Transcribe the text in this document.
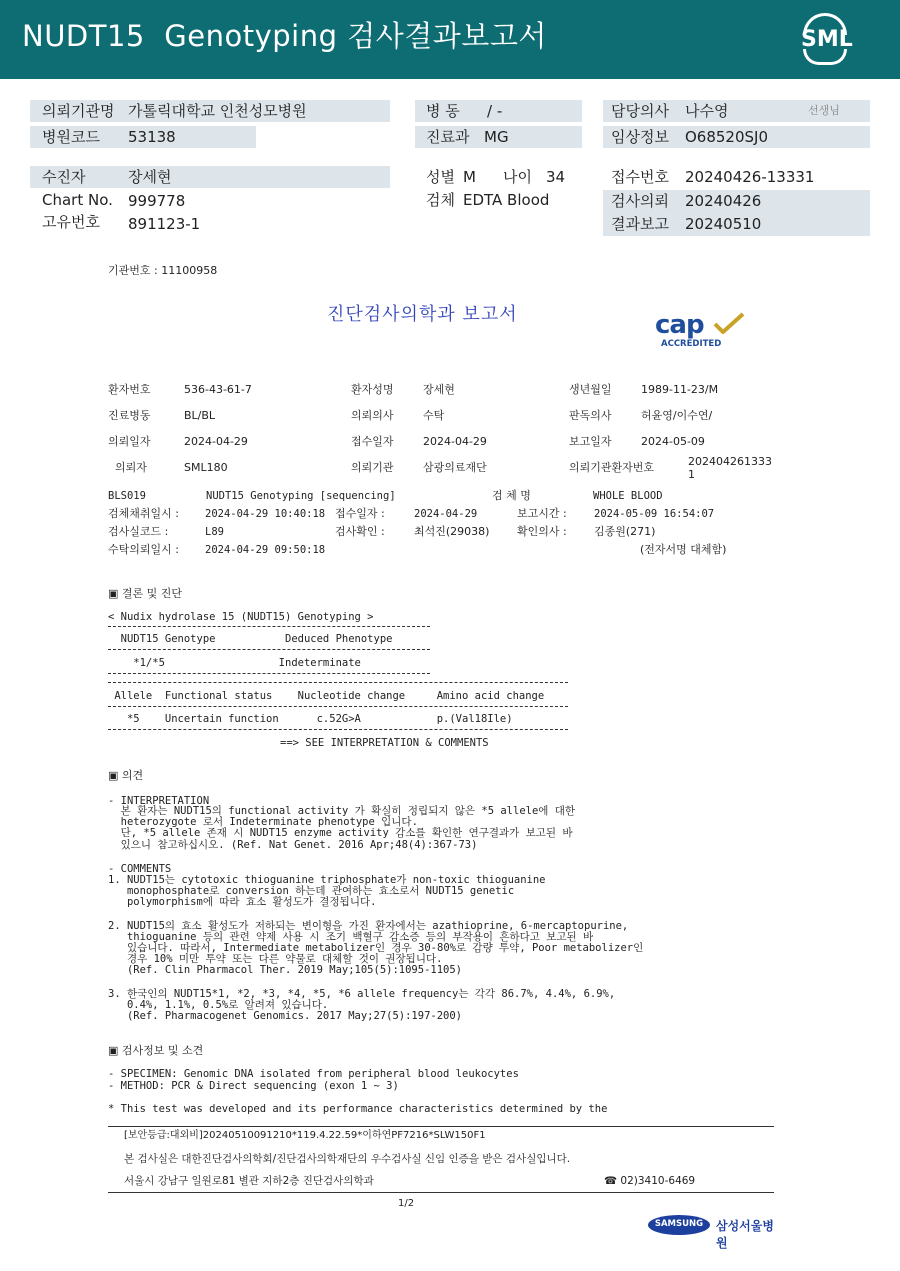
NUDT15  Genotyping 검사결과보고서	SML
의뢰기관명 가톨릭대학교 인천성모병원
병원코드 53138
병 동 / -
진료과 MG
담당의사 나수영	선생님
임상정보 O68520SJ0
수진자	장세현
Chart No. 999778
고유번호 891123-1
성별 M 나이 34
검체 EDTA Blood
접수번호 20240426-13331
검사의뢰 20240426
결과보고 20240510
기관번호 : 11100958
진단검사의학과 보고서	cap
ACCREDITED
환자번호	536-43-61-7	환자성명	장세현	생년월일	1989-11-23/M
진료병동	BL/BL	의뢰의사	수탁	판독의사	허윤영/이수연/
의뢰일자	2024-04-29	접수일자	2024-04-29	보고일자	2024-05-09
의뢰자	SML180	의뢰기관	삼광의료재단	의뢰기관환자번호	202404261333
1
BLS019	NUDT15 Genotyping [sequencing]	검 체 명	WHOLE BLOOD
검체채취일시 : 2024-04-29 10:40:18 접수일자 :	2024-04-29	보고시간 :	2024-05-09 16:54:07
검사실코드 :	L89	검사확인 :	최석진(29038)	확인의사 : 김종원(271)
수탁의뢰일시 : 2024-04-29 09:50:18	(전자서명 대체함)
▣ 결론 및 진단
< Nudix hydrolase 15 (NUDT15) Genotyping >
NUDT15 Genotype           Deduced Phenotype
*1/*5                  Indeterminate
Allele  Functional status    Nucleotide change     Amino acid change
*5    Uncertain function      c.52G>A            p.(Val18Ile)
==> SEE INTERPRETATION & COMMENTS
▣ 의견
- INTERPRETATION
본 환자는 NUDT15의 functional activity 가 확실히 정립되지 않은 *5 allele에 대한
heterozygote 로서 Indeterminate phenotype 입니다.
단, *5 allele 존재 시 NUDT15 enzyme activity 감소를 확인한 연구결과가 보고된 바
있으니 참고하십시오. (Ref. Nat Genet. 2016 Apr;48(4):367-73)
- COMMENTS
1. NUDT15는 cytotoxic thioguanine triphosphate가 non-toxic thioguanine
monophosphate로 conversion 하는데 관여하는 효소로서 NUDT15 genetic
polymorphism에 따라 효소 활성도가 결정됩니다.
2. NUDT15의 효소 활성도가 저하되는 변이형을 가진 환자에서는 azathioprine, 6-mercaptopurine,
thioguanine 등의 관련 약제 사용 시 조기 백혈구 감소증 등의 부작용이 흔하다고 보고된 바
있습니다. 따라서, Intermediate metabolizer인 경우 30-80%로 감량 투약, Poor metabolizer인
경우 10% 미만 투약 또는 다른 약물로 대체할 것이 권장됩니다.
(Ref. Clin Pharmacol Ther. 2019 May;105(5):1095-1105)
3. 한국인의 NUDT15*1, *2, *3, *4, *5, *6 allele frequency는 각각 86.7%, 4.4%, 6.9%,
0.4%, 1.1%, 0.5%로 알려져 있습니다.
(Ref. Pharmacogenet Genomics. 2017 May;27(5):197-200)
▣ 검사정보 및 소견
- SPECIMEN: Genomic DNA isolated from peripheral blood leukocytes
- METHOD: PCR & Direct sequencing (exon 1 ~ 3)
* This test was developed and its performance characteristics determined by the
[보안등급:대외비]20240510091210*119.4.22.59*이하연PF7216*SLW150F1
본 검사실은 대한진단검사의학회/진단검사의학재단의 우수검사실 신임 인증을 받은 검사실입니다.
서울시 강남구 일원로81 별관 지하2층 진단검사의학과	☎ 02)3410-6469
1/2
SAMSUNG	삼성서울병원
